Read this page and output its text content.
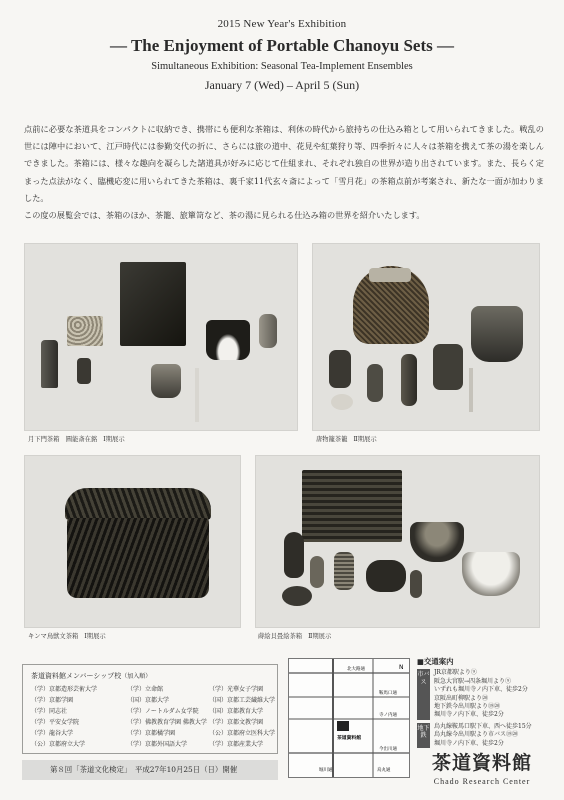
2015 New Year's Exhibition
— The Enjoyment of Portable Chanoyu Sets —
Simultaneous Exhibition: Seasonal Tea-Implement Ensembles
January 7 (Wed) – April 5 (Sun)

点前に必要な茶道具をコンパクトに収納でき、携帯にも便利な茶箱は、利休の時代から旅持ちの仕込み箱として用いられてきました。戦乱の世には陣中において、江戸時代には参勤交代の折に、さらには旅の道中、花見や紅葉狩り等、四季折々に人々は茶箱を携えて茶の湯を楽しんできました。茶箱には、様々な趣向を凝らした諸道具が好みに応じて仕組まれ、それぞれ独自の世界が造り出されています。また、長らく定まった点法がなく、臨機応変に用いられてきた茶箱は、裏千家11代玄々斎によって「雪月花」の茶箱点前が考案され、新たな一面が加わりました。

この度の展覧会では、茶箱のほか、茶籠、旅簞笥など、茶の湯に見られる仕込み箱の世界を紹介いたします。

月下門茶箱　圓能斎在銘 Ⅰ期展示	唐物籠茶籠 Ⅱ期展示
キンマ鳥獣文茶箱 Ⅰ期展示	蒔絵貝畳絵茶箱 Ⅱ期展示
茶道資料館メンバーシップ校（加入順）
（学）京都造形芸術大学	（学）立命館	（学）光華女子学園
（学）京都学園	（国）京都大学	（国）京都工芸繊維大学
（学）同志社	（学）ノートルダム女学院	（国）京都教育大学
（学）平安女学院	（学）佛教教育学園 佛教大学 （学）京都文教学園
（学）龍谷大学	（学）京都橘学園	（公）京都府立医科大学
（公）京都府立大学	（学）京都外国語大学	（学）京都産業大学
第８回「茶道文化検定」　平成27年10月25日（日）開催
北大路通
鞍馬口通
寺ノ内通
今出川通
堀川通	烏丸通
茶道資料館
N
■交通案内
市バス
JR京都駅より⑨
阪急大宮駅→四条堀川より⑨
いずれも堀川寺ノ内下車、徒歩2分
京阪出町柳駅より⑳
地下鉄今出川駅より⑲⑳
堀川寺ノ内下車、徒歩2分
地下鉄
烏丸線鞍馬口駅下車、西へ徒歩15分
烏丸線今出川駅より市バス⑲⑳
堀川寺ノ内下車、徒歩2分
茶道資料館
Chado Research Center
